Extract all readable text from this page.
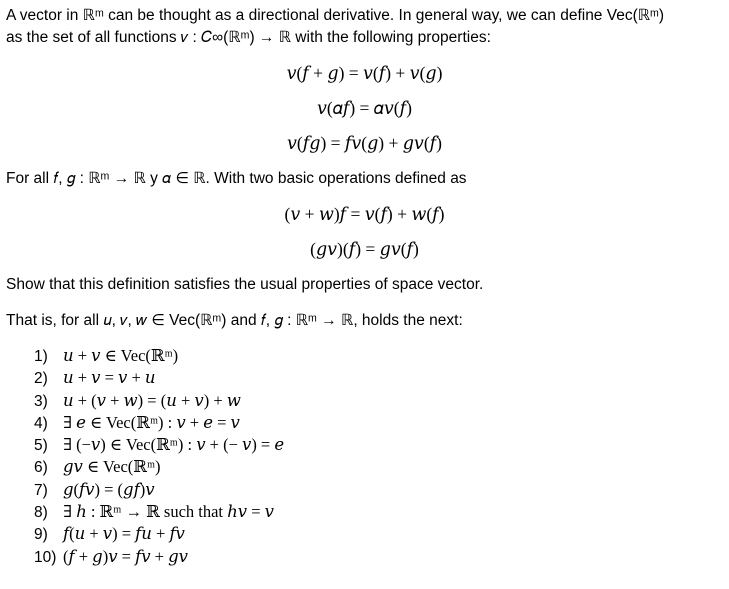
A vector in ℝᵐ can be thought as a directional derivative. In general way, we can define Vec(ℝᵐ)
as the set of all functions 𝑣 : 𝐶∞(ℝᵐ) → ℝ with the following properties:
𝑣(𝑓 + 𝑔) = 𝑣(𝑓) + 𝑣(𝑔)
𝑣(𝛼𝑓) = 𝛼𝑣(𝑓)
𝑣(𝑓𝑔) = 𝑓𝑣(𝑔) + 𝑔𝑣(𝑓)
For all 𝑓, 𝑔 : ℝᵐ → ℝ y 𝛼 ∈ ℝ. With two basic operations defined as
(𝑣 + 𝑤)𝑓 = 𝑣(𝑓) + 𝑤(𝑓)
(𝑔𝑣)(𝑓) = 𝑔𝑣(𝑓)
Show that this definition satisfies the usual properties of space vector.
That is, for all 𝑢, 𝑣, 𝑤 ∈ Vec(ℝᵐ) and 𝑓, 𝑔 : ℝᵐ → ℝ, holds the next:
1) 𝑢 + 𝑣 ∈ Vec(ℝᵐ)
2) 𝑢 + 𝑣 = 𝑣 + 𝑢
3) 𝑢 + (𝑣 + 𝑤) = (𝑢 + 𝑣) + 𝑤
4) ∃ 𝑒 ∈ Vec(ℝᵐ) : 𝑣 + 𝑒 = 𝑣
5) ∃ (−𝑣) ∈ Vec(ℝᵐ) : 𝑣 + (− 𝑣) = 𝑒
6) 𝑔𝑣 ∈ Vec(ℝᵐ)
7) 𝑔(𝑓𝑣) = (𝑔𝑓)𝑣
8) ∃ ℎ : ℝᵐ → ℝ such that ℎ𝑣 = 𝑣
9) 𝑓(𝑢 + 𝑣) = 𝑓𝑢 + 𝑓𝑣
10) (𝑓 + 𝑔)𝑣 = 𝑓𝑣 + 𝑔𝑣
